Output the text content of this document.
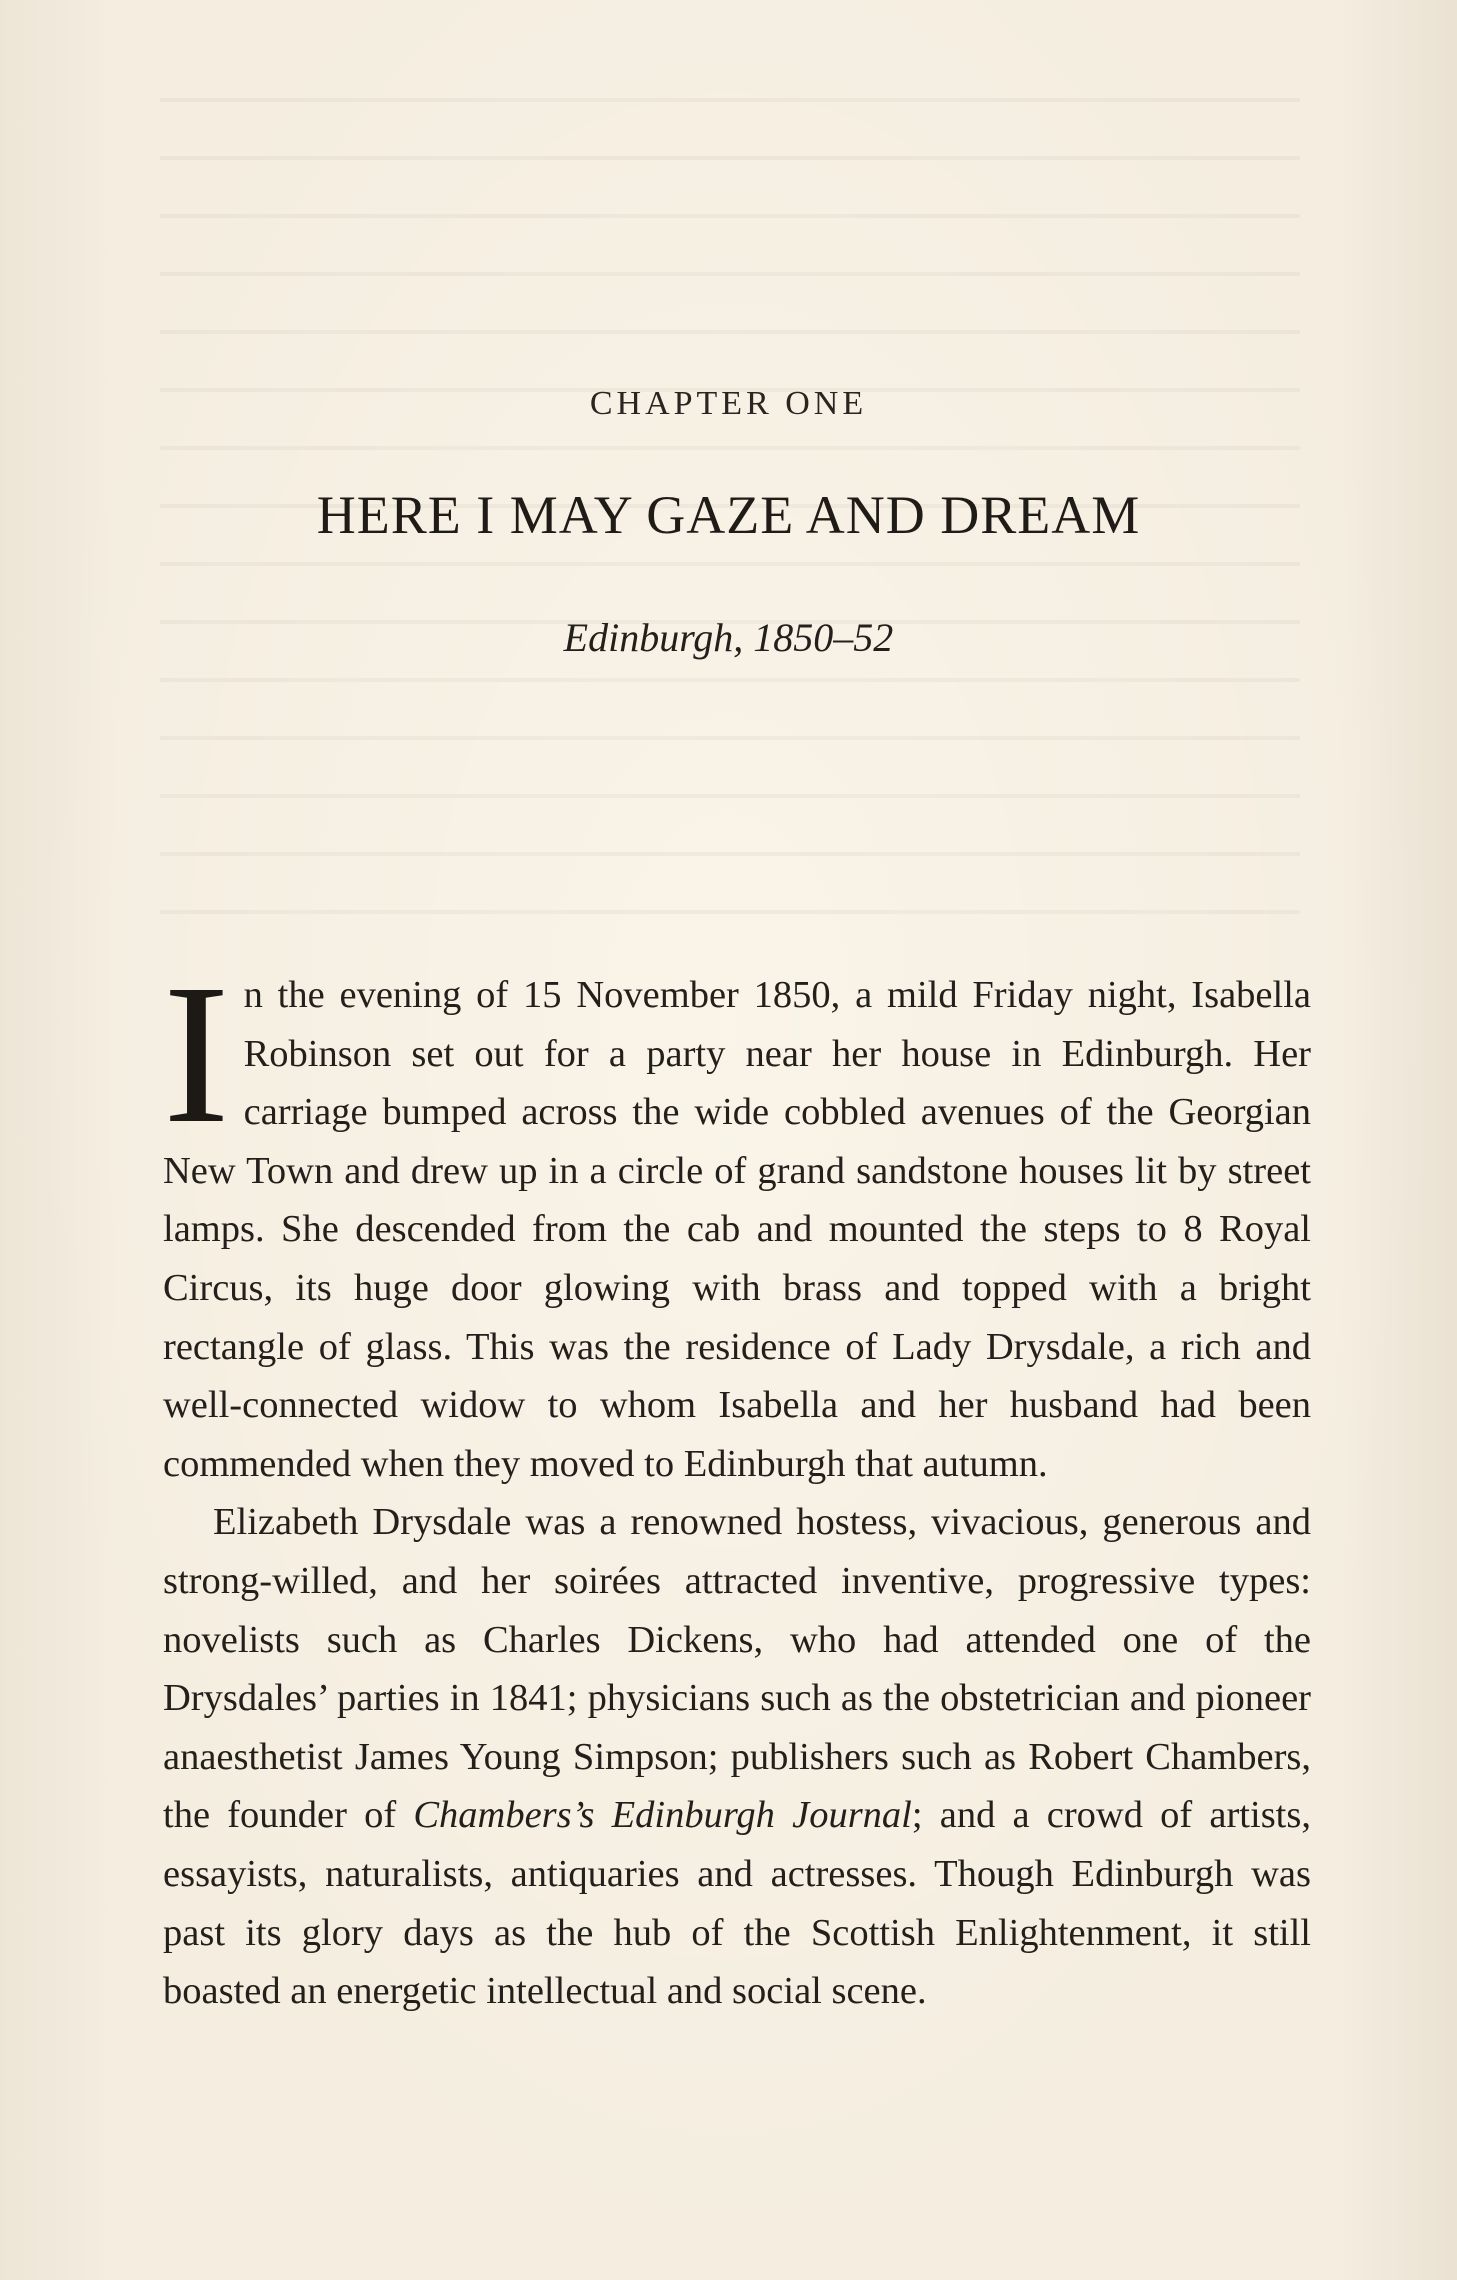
CHAPTER ONE
HERE I MAY GAZE AND DREAM
Edinburgh, 1850–52

In the evening of 15 November 1850, a mild Friday night, Isabella Robinson set out for a party near her house in Edinburgh. Her carriage bumped across the wide cobbled avenues of the Georgian New Town and drew up in a circle of grand sandstone houses lit by street lamps. She descended from the cab and mounted the steps to 8 Royal Circus, its huge door glowing with brass and topped with a bright rectangle of glass. This was the residence of Lady Drysdale, a rich and well-connected widow to whom Isabella and her husband had been commended when they moved to Edinburgh that autumn.

Elizabeth Drysdale was a renowned hostess, vivacious, generous and strong-willed, and her soirées attracted inventive, progressive types: novelists such as Charles Dickens, who had attended one of the Drysdales’ parties in 1841; physicians such as the obstetrician and pioneer anaesthetist James Young Simpson; publishers such as Robert Chambers, the founder of Chambers’s Edinburgh Journal; and a crowd of artists, essayists, naturalists, antiquaries and actresses. Though Edinburgh was past its glory days as the hub of the Scottish Enlightenment, it still boasted an energetic intellectual and social scene.
